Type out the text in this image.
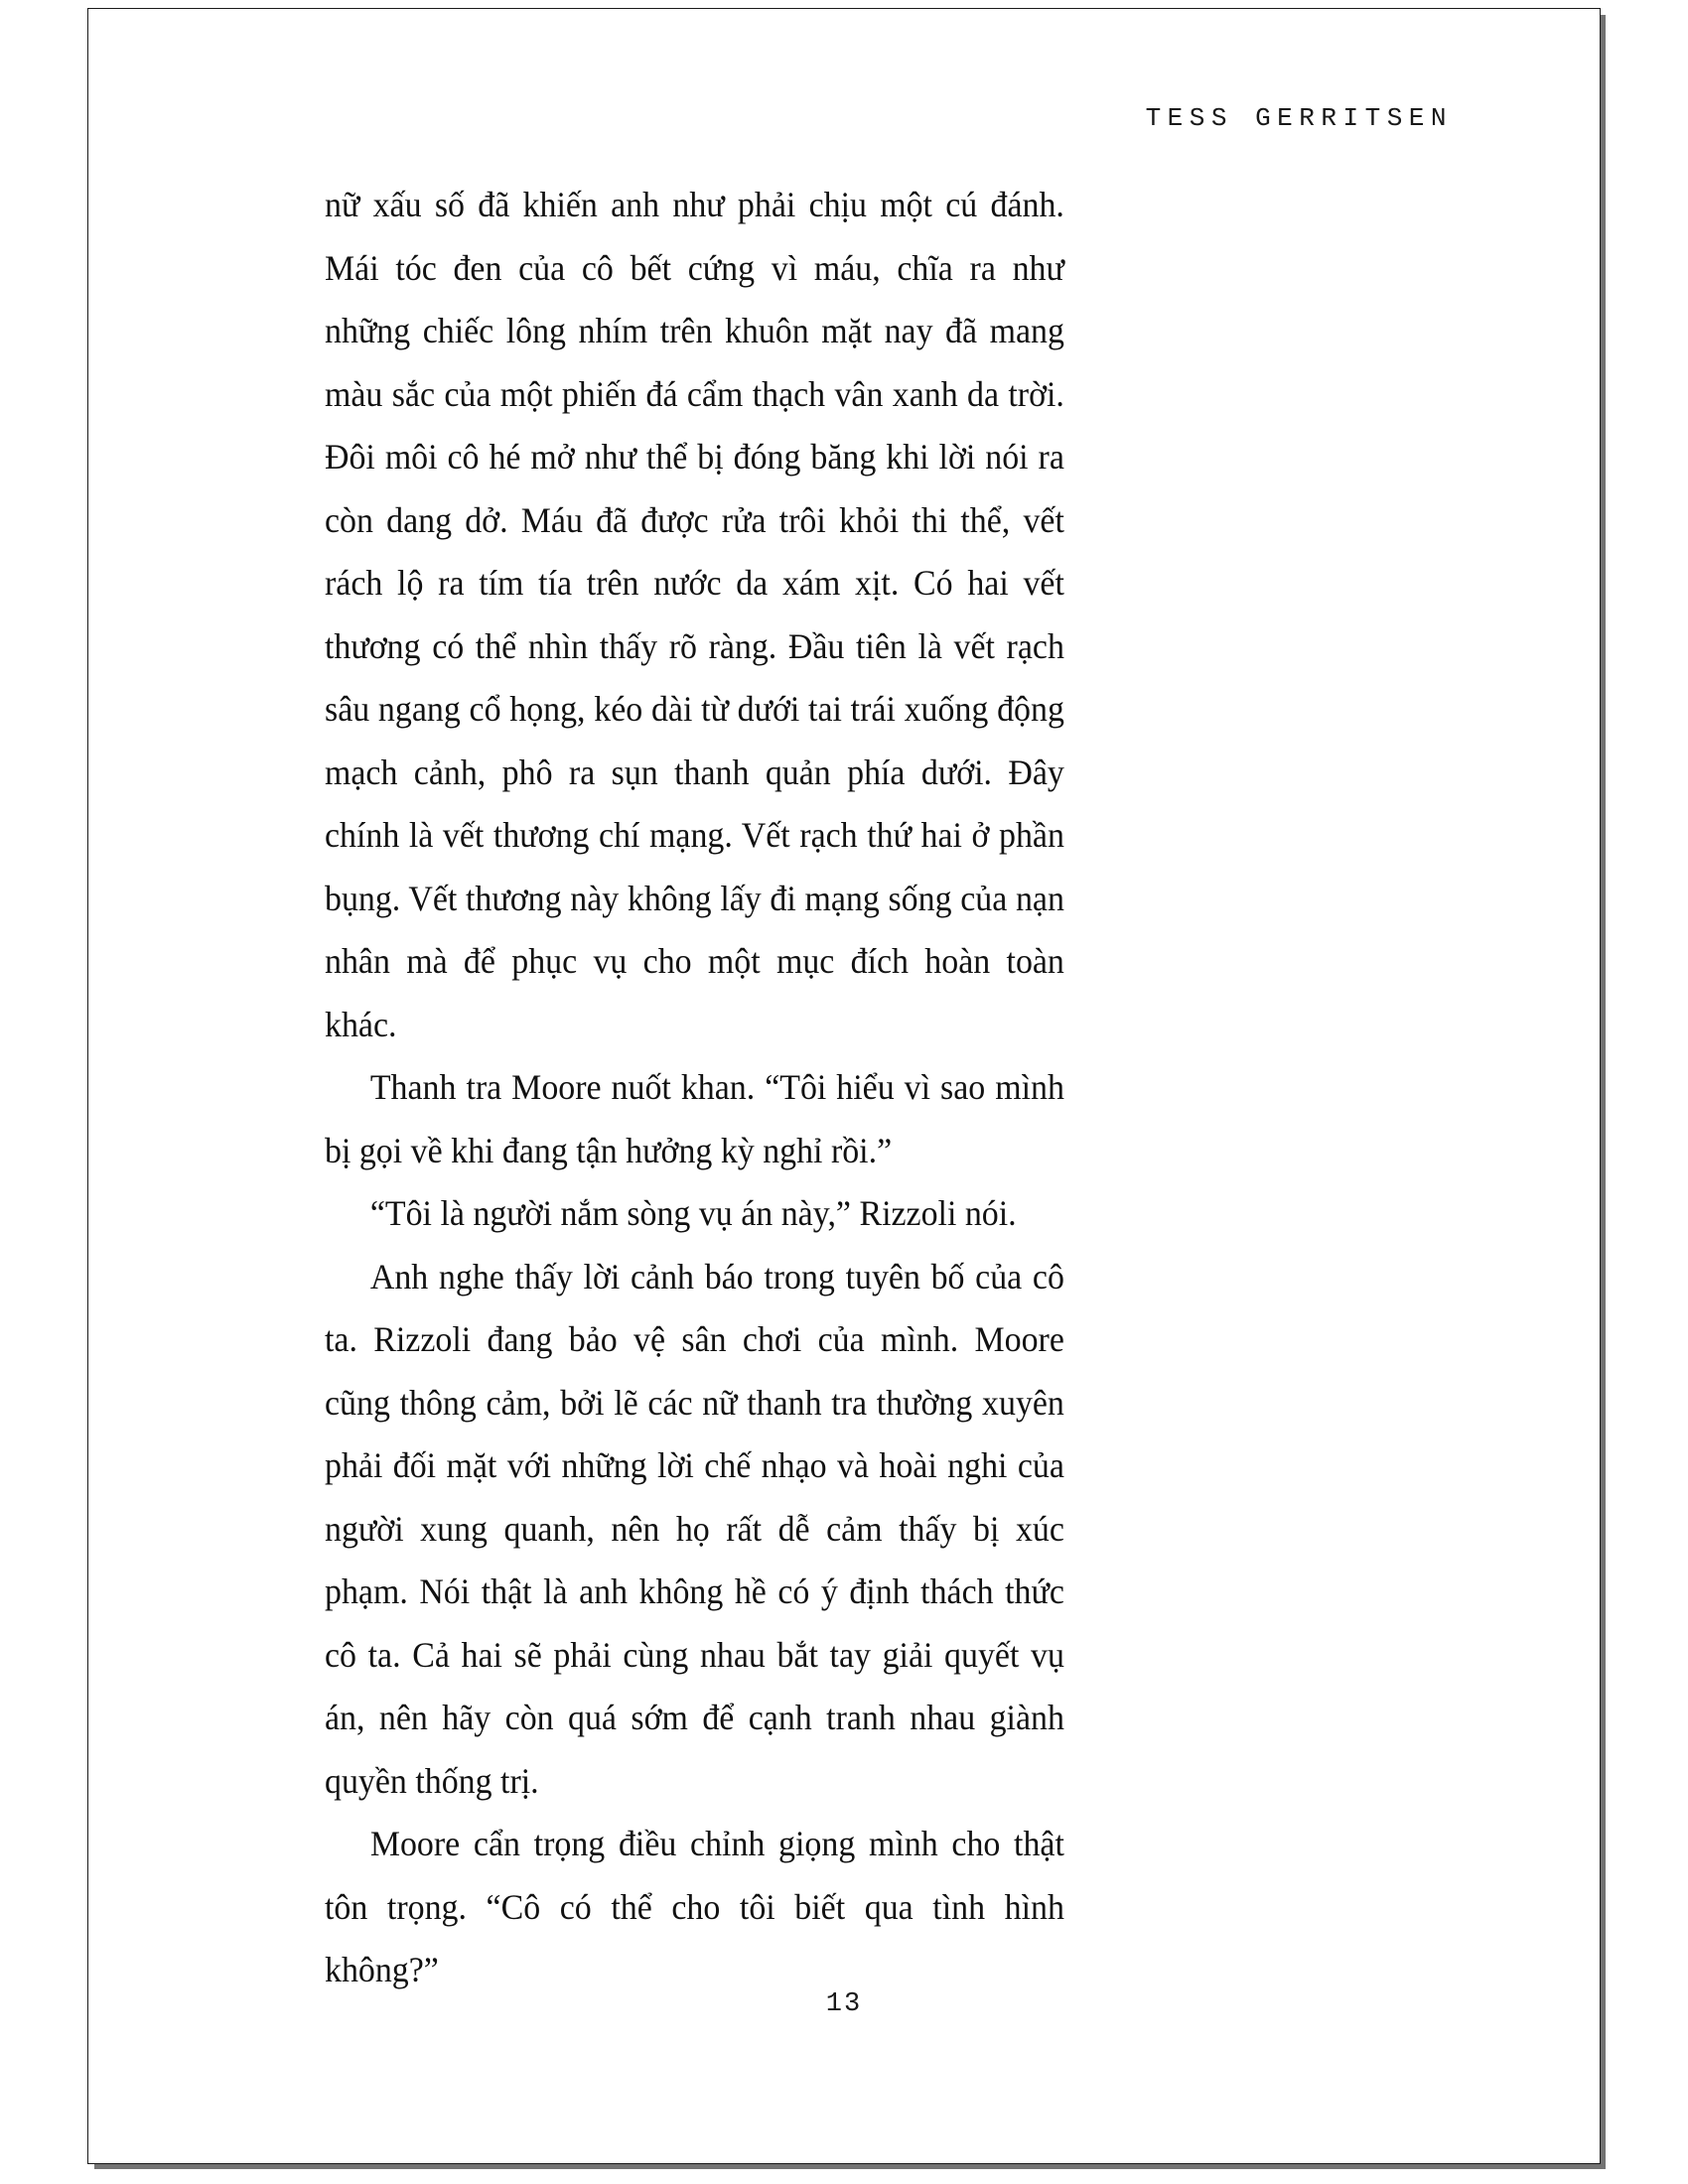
TESS GERRITSEN

nữ xấu số đã khiến anh như phải chịu một cú đánh. Mái tóc đen của cô bết cứng vì máu, chĩa ra như những chiếc lông nhím trên khuôn mặt nay đã mang màu sắc của một phiến đá cẩm thạch vân xanh da trời. Đôi môi cô hé mở như thể bị đóng băng khi lời nói ra còn dang dở. Máu đã được rửa trôi khỏi thi thể, vết rách lộ ra tím tía trên nước da xám xịt. Có hai vết thương có thể nhìn thấy rõ ràng. Đầu tiên là vết rạch sâu ngang cổ họng, kéo dài từ dưới tai trái xuống động mạch cảnh, phô ra sụn thanh quản phía dưới. Đây chính là vết thương chí mạng. Vết rạch thứ hai ở phần bụng. Vết thương này không lấy đi mạng sống của nạn nhân mà để phục vụ cho một mục đích hoàn toàn khác.

Thanh tra Moore nuốt khan. “Tôi hiểu vì sao mình bị gọi về khi đang tận hưởng kỳ nghỉ rồi.”

“Tôi là người nắm sòng vụ án này,” Rizzoli nói.

Anh nghe thấy lời cảnh báo trong tuyên bố của cô ta. Rizzoli đang bảo vệ sân chơi của mình. Moore cũng thông cảm, bởi lẽ các nữ thanh tra thường xuyên phải đối mặt với những lời chế nhạo và hoài nghi của người xung quanh, nên họ rất dễ cảm thấy bị xúc phạm. Nói thật là anh không hề có ý định thách thức cô ta. Cả hai sẽ phải cùng nhau bắt tay giải quyết vụ án, nên hãy còn quá sớm để cạnh tranh nhau giành quyền thống trị.

Moore cẩn trọng điều chỉnh giọng mình cho thật tôn trọng. “Cô có thể cho tôi biết qua tình hình không?”

13
